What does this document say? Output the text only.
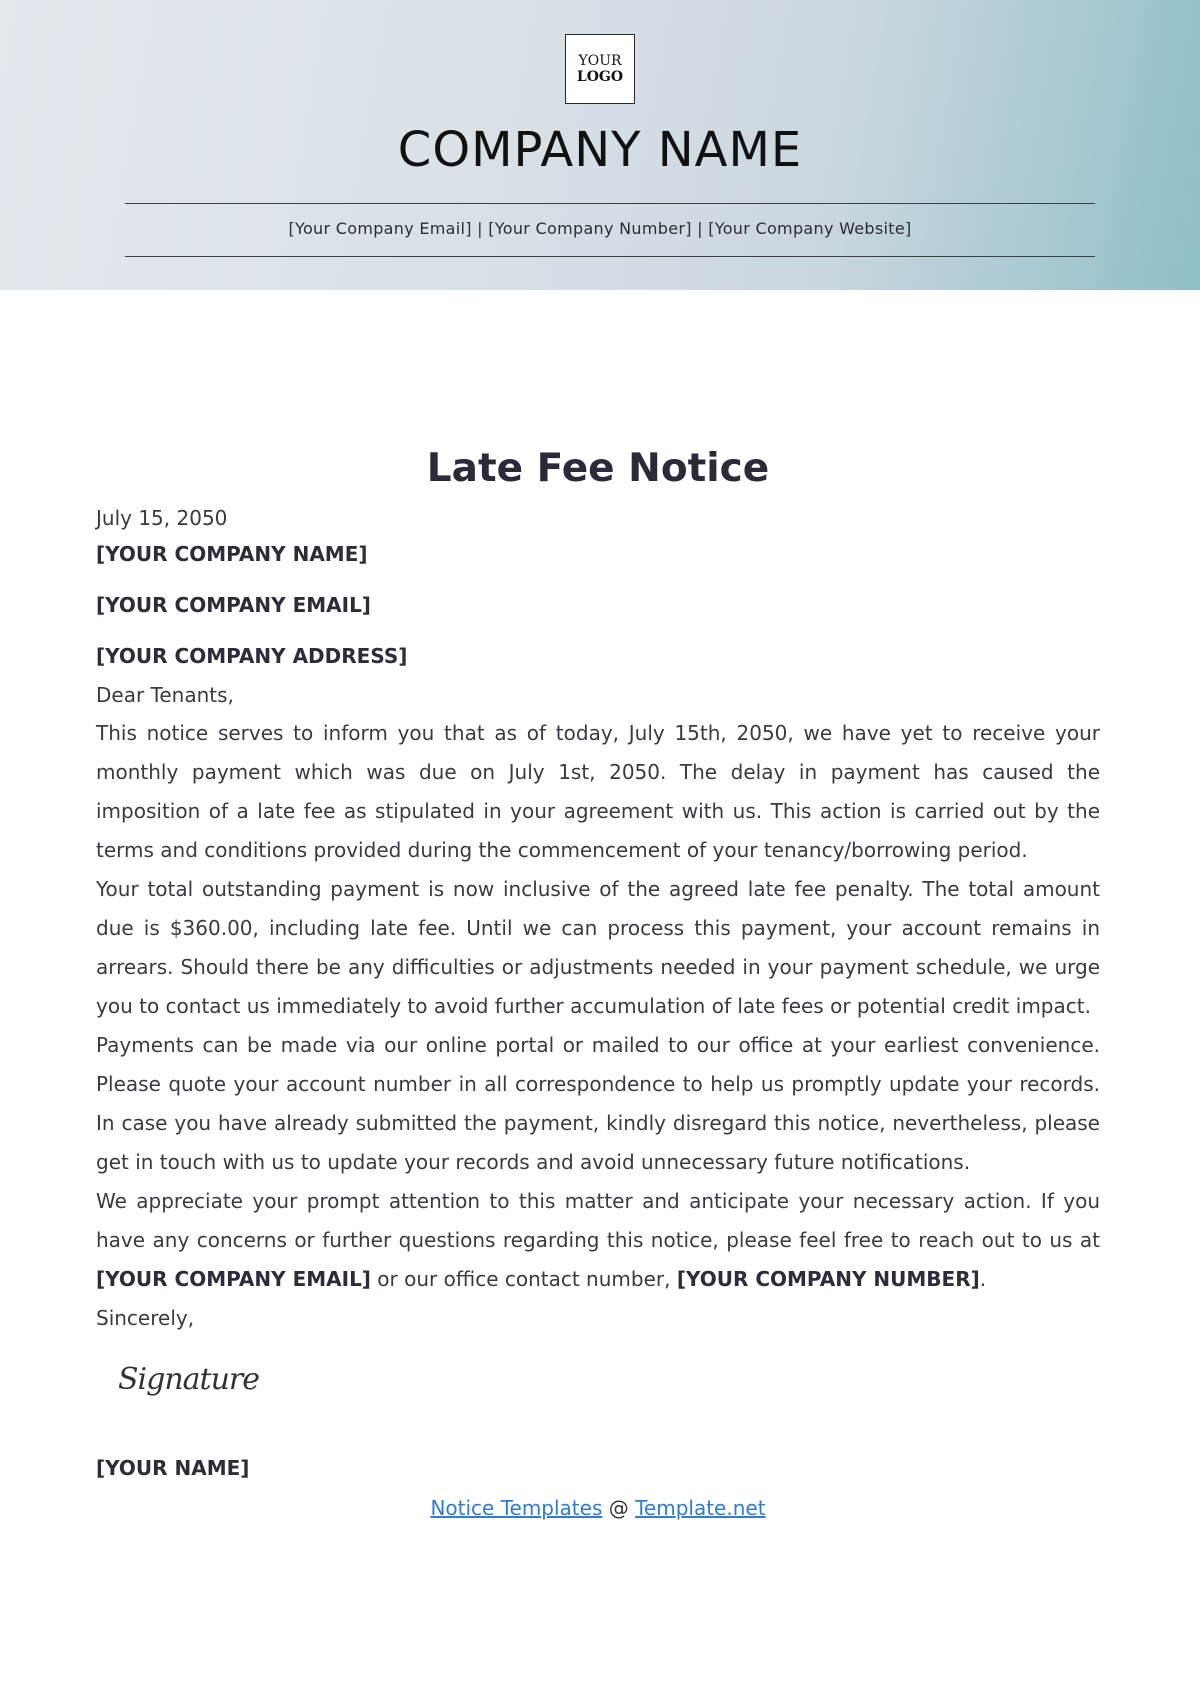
YOUR
LOGO
COMPANY NAME
[Your Company Email] | [Your Company Number] | [Your Company Website]
Late Fee Notice
July 15, 2050
[YOUR COMPANY NAME]
[YOUR COMPANY EMAIL]
[YOUR COMPANY ADDRESS]
Dear Tenants,

This notice serves to inform you that as of today, July 15th, 2050, we have yet to receive your monthly payment which was due on July 1st, 2050. The delay in payment has caused the imposition of a late fee as stipulated in your agreement with us. This action is carried out by the terms and conditions provided during the commencement of your tenancy/borrowing period.

Your total outstanding payment is now inclusive of the agreed late fee penalty. The total amount due is $360.00, including late fee. Until we can process this payment, your account remains in arrears. Should there be any difficulties or adjustments needed in your payment schedule, we urge you to contact us immediately to avoid further accumulation of late fees or potential credit impact.

Payments can be made via our online portal or mailed to our office at your earliest convenience. Please quote your account number in all correspondence to help us promptly update your records. In case you have already submitted the payment, kindly disregard this notice, nevertheless, please get in touch with us to update your records and avoid unnecessary future notifications.

We appreciate your prompt attention to this matter and anticipate your necessary action. If you have any concerns or further questions regarding this notice, please feel free to reach out to us at [YOUR COMPANY EMAIL] or our office contact number, [YOUR COMPANY NUMBER].

Sincerely,
Signature
[YOUR NAME]
Notice Templates @ Template.net
